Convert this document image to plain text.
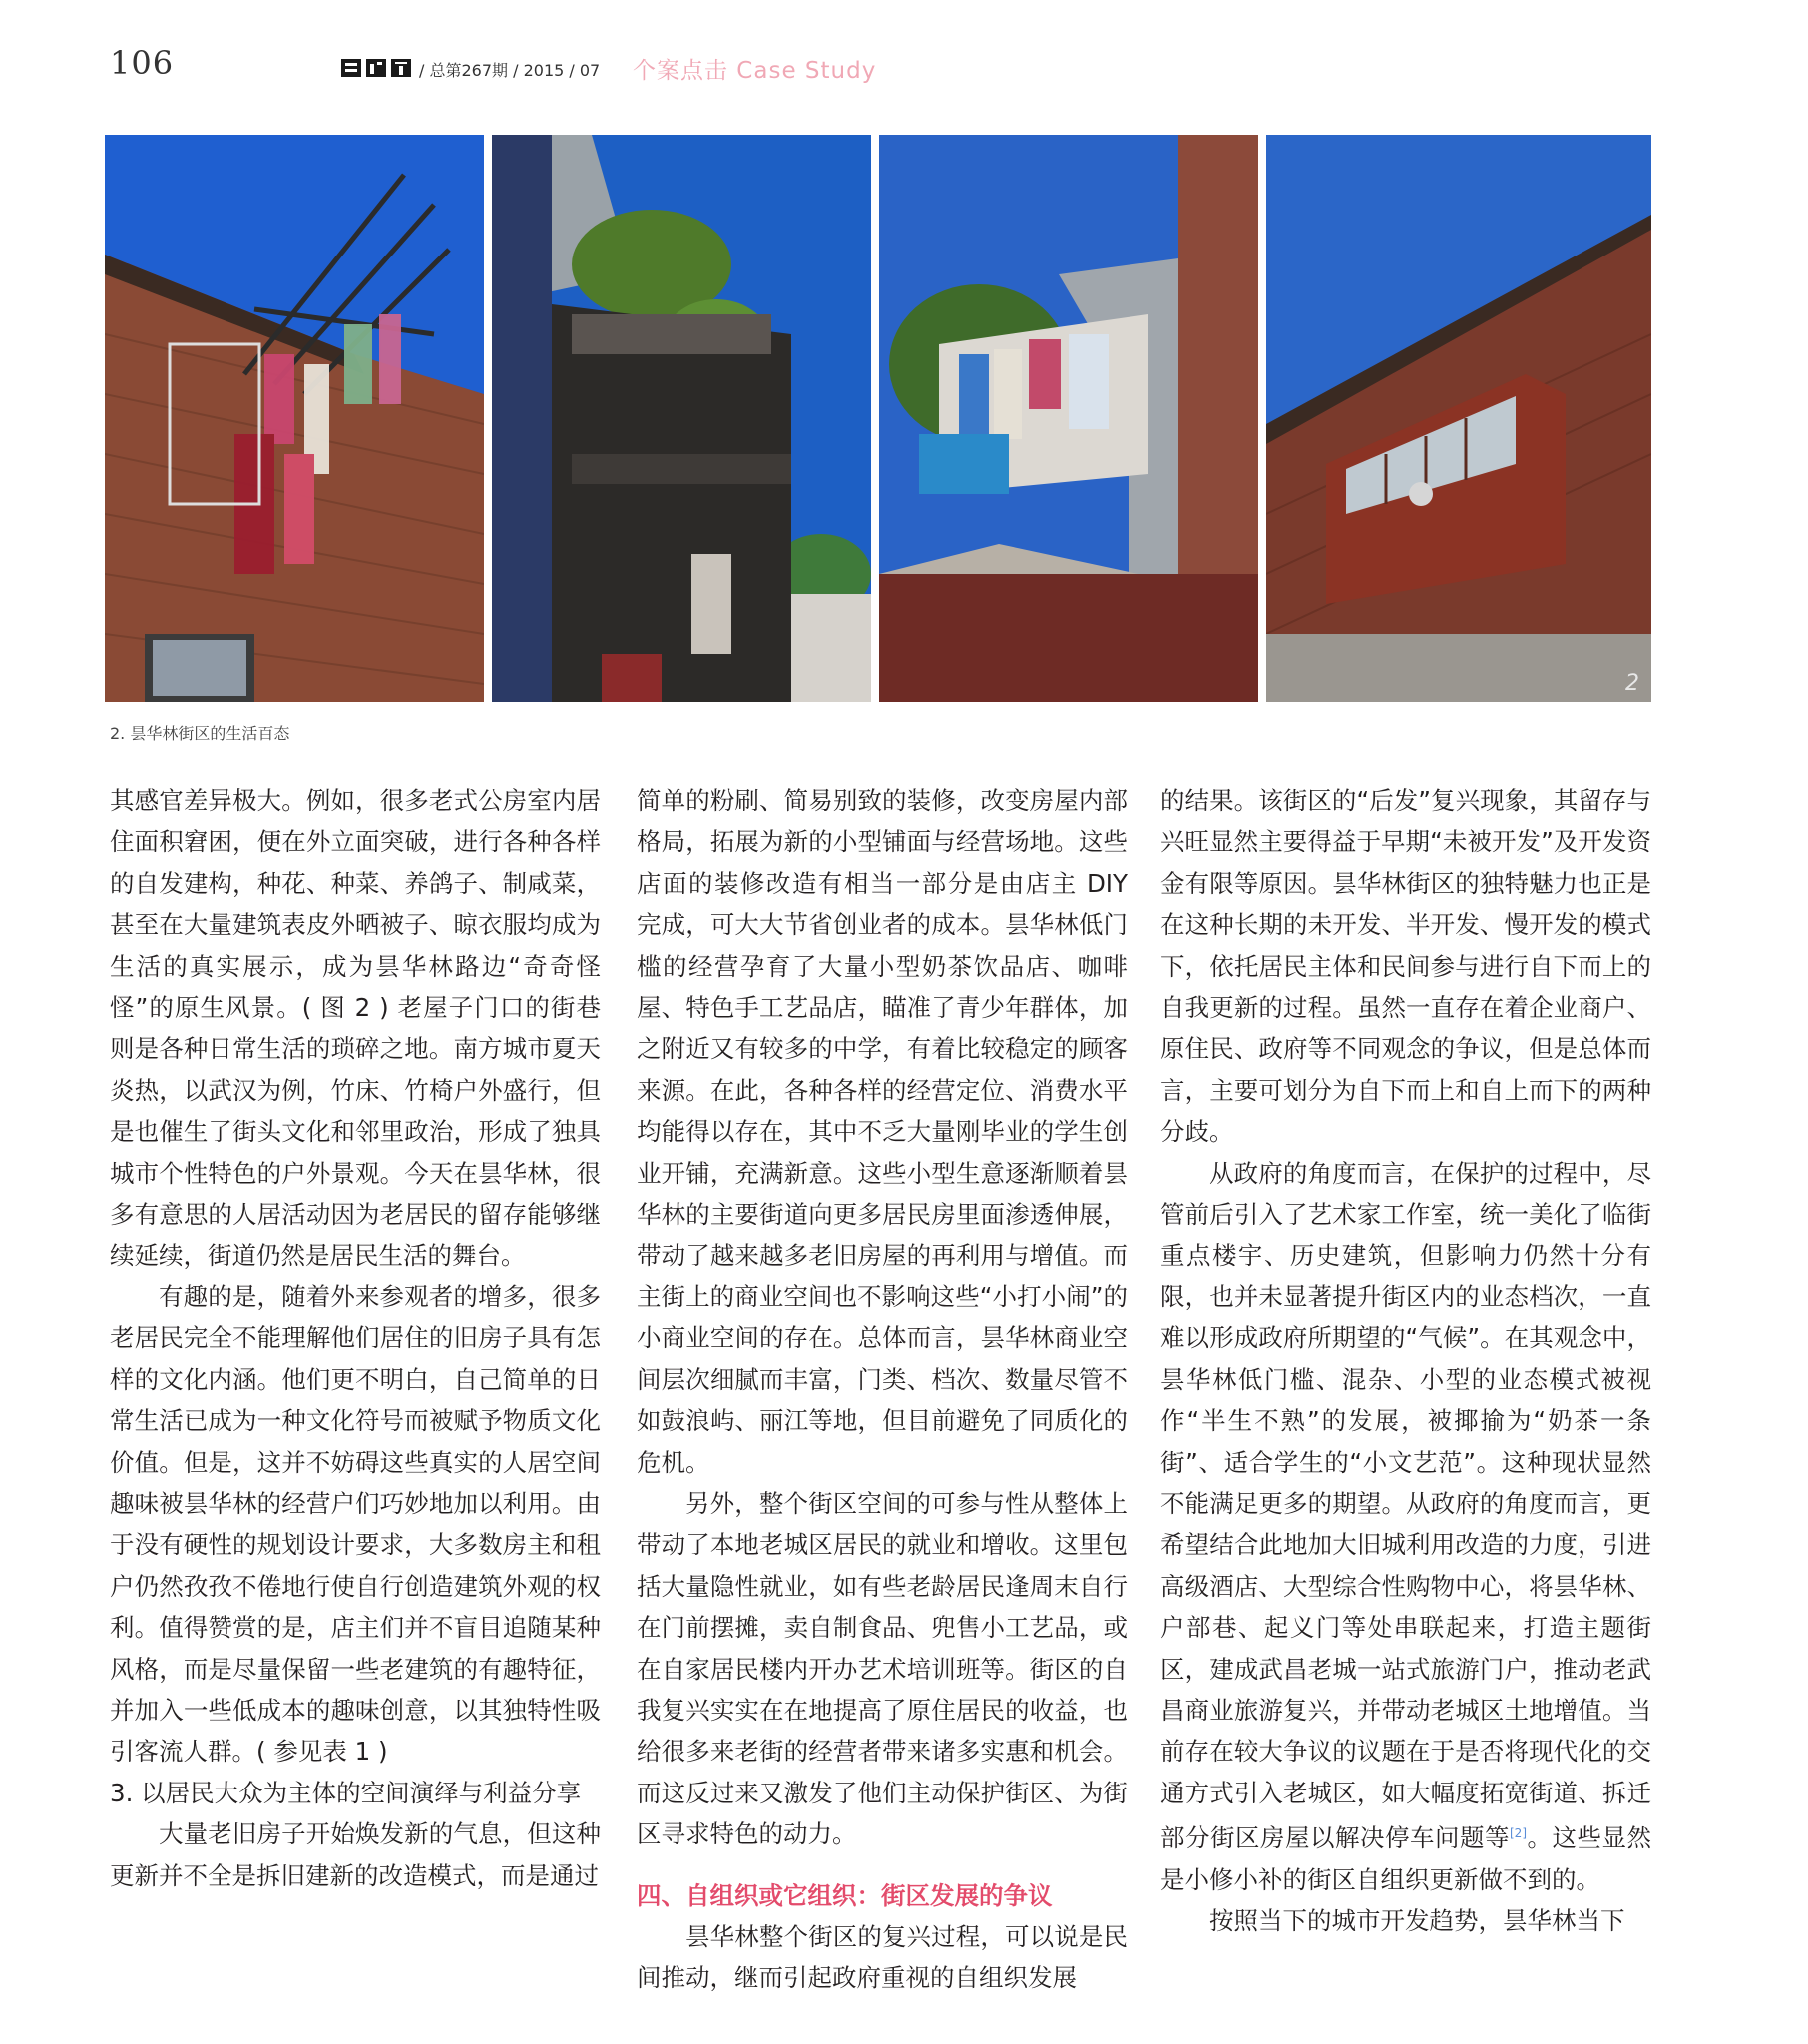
106	/ 总第267期 / 2015 / 07 个案点击 Case Study
2
2. 昙华林街区的生活百态

其感官差异极大。例如，很多老式公房室内居住面积窘困，便在外立面突破，进行各种各样的自发建构，种花、种菜、养鸽子、制咸菜，甚至在大量建筑表皮外晒被子、晾衣服均成为生活的真实展示，成为昙华林路边“奇奇怪怪”的原生风景。( 图 2 ) 老屋子门口的街巷则是各种日常生活的琐碎之地。南方城市夏天炎热，以武汉为例，竹床、竹椅户外盛行，但是也催生了街头文化和邻里政治，形成了独具城市个性特色的户外景观。今天在昙华林，很多有意思的人居活动因为老居民的留存能够继续延续，街道仍然是居民生活的舞台。

有趣的是，随着外来参观者的增多，很多老居民完全不能理解他们居住的旧房子具有怎样的文化内涵。他们更不明白，自己简单的日常生活已成为一种文化符号而被赋予物质文化价值。但是，这并不妨碍这些真实的人居空间趣味被昙华林的经营户们巧妙地加以利用。由于没有硬性的规划设计要求，大多数房主和租户仍然孜孜不倦地行使自行创造建筑外观的权利。值得赞赏的是，店主们并不盲目追随某种风格，而是尽量保留一些老建筑的有趣特征，并加入一些低成本的趣味创意，以其独特性吸引客流人群。( 参见表 1 )

3. 以居民大众为主体的空间演绎与利益分享

大量老旧房子开始焕发新的气息，但这种更新并不全是拆旧建新的改造模式，而是通过

简单的粉刷、简易别致的装修，改变房屋内部格局，拓展为新的小型铺面与经营场地。这些店面的装修改造有相当一部分是由店主 DIY 完成，可大大节省创业者的成本。昙华林低门槛的经营孕育了大量小型奶茶饮品店、咖啡屋、特色手工艺品店，瞄准了青少年群体，加之附近又有较多的中学，有着比较稳定的顾客来源。在此，各种各样的经营定位、消费水平均能得以存在，其中不乏大量刚毕业的学生创业开铺，充满新意。这些小型生意逐渐顺着昙华林的主要街道向更多居民房里面渗透伸展，带动了越来越多老旧房屋的再利用与增值。而主街上的商业空间也不影响这些“小打小闹”的小商业空间的存在。总体而言，昙华林商业空间层次细腻而丰富，门类、档次、数量尽管不如鼓浪屿、丽江等地，但目前避免了同质化的危机。

另外，整个街区空间的可参与性从整体上带动了本地老城区居民的就业和增收。这里包括大量隐性就业，如有些老龄居民逢周末自行在门前摆摊，卖自制食品、兜售小工艺品，或在自家居民楼内开办艺术培训班等。街区的自我复兴实实在在地提高了原住居民的收益，也给很多来老街的经营者带来诸多实惠和机会。而这反过来又激发了他们主动保护街区、为街区寻求特色的动力。

四、自组织或它组织：街区发展的争议

昙华林整个街区的复兴过程，可以说是民间推动，继而引起政府重视的自组织发展

的结果。该街区的“后发”复兴现象，其留存与兴旺显然主要得益于早期“未被开发”及开发资金有限等原因。昙华林街区的独特魅力也正是在这种长期的未开发、半开发、慢开发的模式下，依托居民主体和民间参与进行自下而上的自我更新的过程。虽然一直存在着企业商户、原住民、政府等不同观念的争议，但是总体而言，主要可划分为自下而上和自上而下的两种分歧。

从政府的角度而言，在保护的过程中，尽管前后引入了艺术家工作室，统一美化了临街重点楼宇、历史建筑，但影响力仍然十分有限，也并未显著提升街区内的业态档次，一直难以形成政府所期望的“气候”。在其观念中，昙华林低门槛、混杂、小型的业态模式被视作“半生不熟”的发展，被揶揄为“奶茶一条街”、适合学生的“小文艺范”。这种现状显然不能满足更多的期望。从政府的角度而言，更希望结合此地加大旧城利用改造的力度，引进高级酒店、大型综合性购物中心，将昙华林、户部巷、起义门等处串联起来，打造主题街区，建成武昌老城一站式旅游门户，推动老武昌商业旅游复兴，并带动老城区土地增值。当前存在较大争议的议题在于是否将现代化的交通方式引入老城区，如大幅度拓宽街道、拆迁部分街区房屋以解决停车问题等[2]。这些显然是小修小补的街区自组织更新做不到的。

按照当下的城市开发趋势，昙华林当下
